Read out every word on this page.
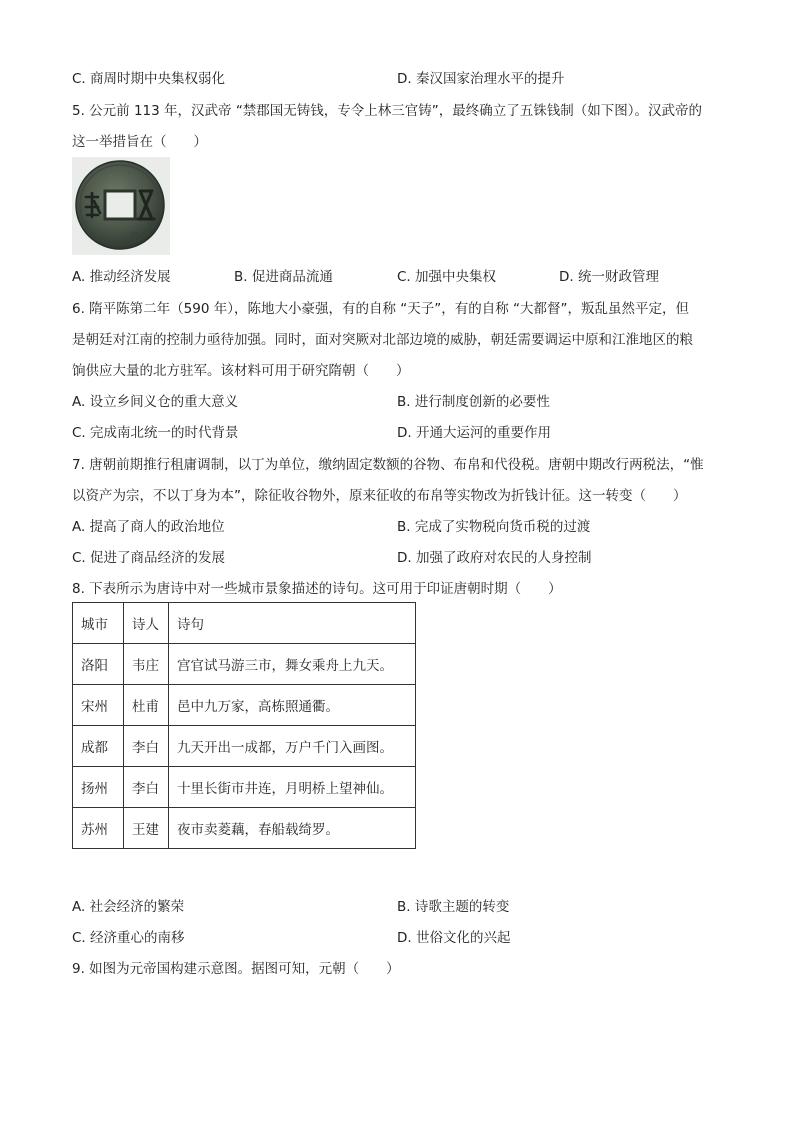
C. 商周时期中央集权弱化	D. 秦汉国家治理水平的提升
5. 公元前 113 年，汉武帝 “禁郡国无铸钱，专令上林三官铸”，最终确立了五铢钱制（如下图）。汉武帝的
这一举措旨在（　　）
A. 推动经济发展	B. 促进商品流通	C. 加强中央集权	D. 统一财政管理
6. 隋平陈第二年（590 年），陈地大小豪强，有的自称 “天子”，有的自称 “大都督”，叛乱虽然平定，但
是朝廷对江南的控制力亟待加强。同时，面对突厥对北部边境的威胁，朝廷需要调运中原和江淮地区的粮
饷供应大量的北方驻军。该材料可用于研究隋朝（　　）
A. 设立乡间义仓的重大意义	B. 进行制度创新的必要性
C. 完成南北统一的时代背景	D. 开通大运河的重要作用
7. 唐朝前期推行租庸调制，以丁为单位，缴纳固定数额的谷物、布帛和代役税。唐朝中期改行两税法，“惟
以资产为宗，不以丁身为本”，除征收谷物外，原来征收的布帛等实物改为折钱计征。这一转变（　　）
A. 提高了商人的政治地位	B. 完成了实物税向货币税的过渡
C. 促进了商品经济的发展	D. 加强了政府对农民的人身控制
8. 下表所示为唐诗中对一些城市景象描述的诗句。这可用于印证唐朝时期（　　）
城市	诗人	诗句
洛阳	韦庄	宫官试马游三市，舞女乘舟上九天。
宋州	杜甫	邑中九万家，高栋照通衢。
成都	李白	九天开出一成都，万户千门入画图。
扬州	李白	十里长街市井连，月明桥上望神仙。
苏州	王建	夜市卖菱藕，春船载绮罗。
A. 社会经济的繁荣	B. 诗歌主题的转变
C. 经济重心的南移	D. 世俗文化的兴起
9. 如图为元帝国构建示意图。据图可知，元朝（　　）
